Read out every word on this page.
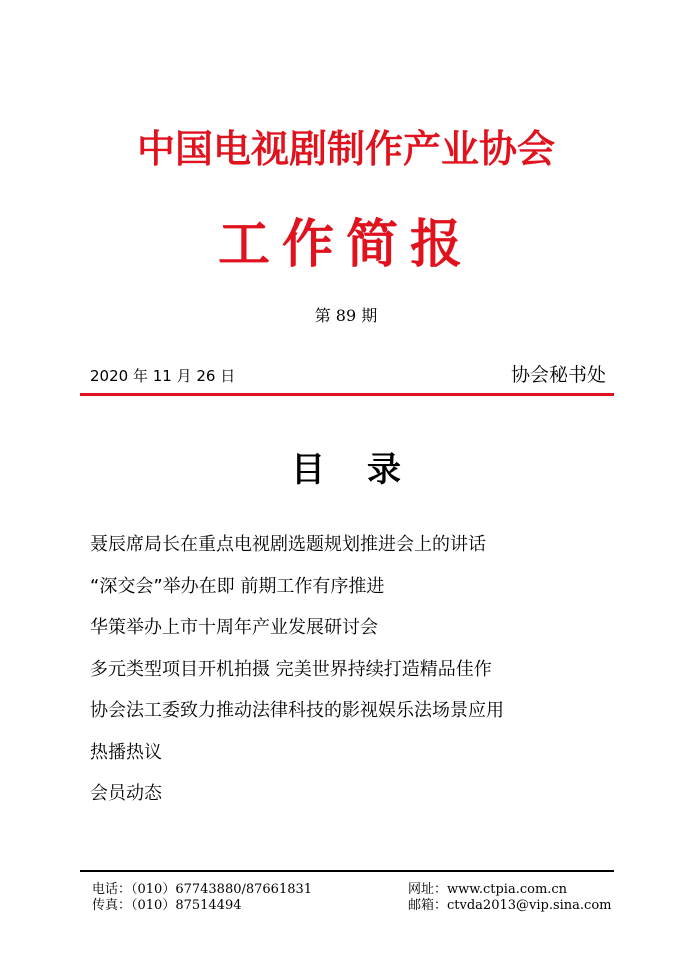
中国电视剧制作产业协会
工作简报
第 89 期
2020 年 11 月 26 日	协会秘书处
目录
聂辰席局长在重点电视剧选题规划推进会上的讲话
“深交会”举办在即 前期工作有序推进
华策举办上市十周年产业发展研讨会
多元类型项目开机拍摄 完美世界持续打造精品佳作
协会法工委致力推动法律科技的影视娱乐法场景应用
热播热议
会员动态
电话：（010）67743880/87661831
传真：（010）87514494
网址：www.ctpia.com.cn
邮箱：ctvda2013@vip.sina.com
